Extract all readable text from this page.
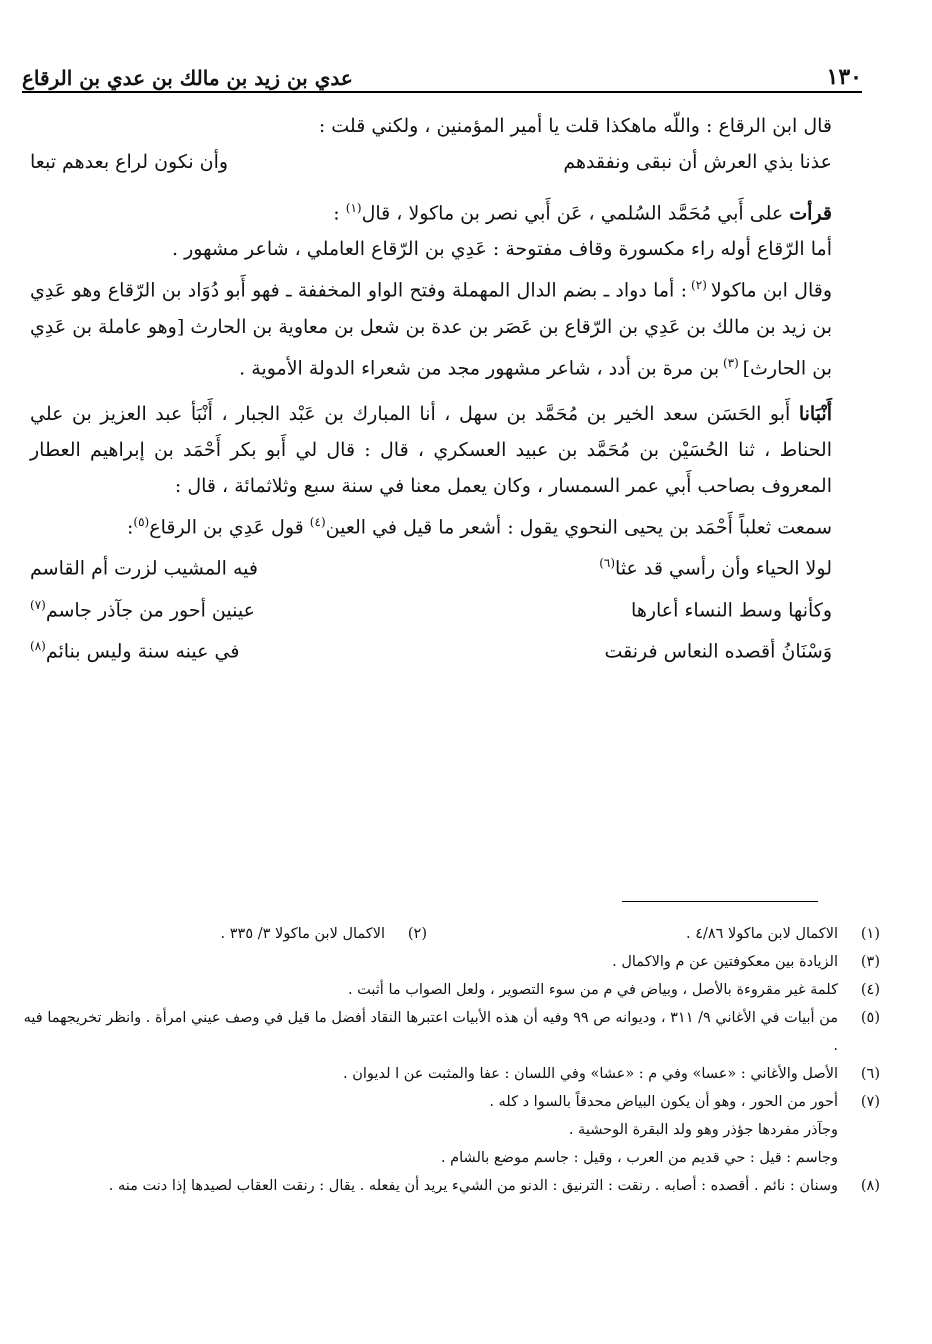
١٣٠
عدي بن زيد بن مالك بن عدي بن الرقاع

قال ابن الرقاع : واللّه ماهكذا قلت يا أمير المؤمنين ، ولكني قلت :

عذنا بذي العرش أن نبقى ونفقدهم
وأن نكون لراع بعدهم تبعا

قرأت على أَبي مُحَمَّد السُلمي ، عَن أَبي نصر بن ماكولا ، قال$^{(١)}$ :

أما الرّقاع أوله راء مكسورة وقاف مفتوحة : عَدِي بن الرّقاع العاملي ، شاعر مشهور .

وقال ابن ماكولا $^{(٢)}$ : أما دواد ـ بضم الدال المهملة وفتح الواو المخففة ـ فهو أَبو دُوَاد بن الرّقاع وهو عَدِي بن زيد بن مالك بن عَدِي بن الرّقاع بن عَصَر بن عدة بن شعل بن معاوية بن الحارث [وهو عاملة بن عَدِي بن الحارث] $^{(٣)}$ بن مرة بن أدد ، شاعر مشهور مجد من شعراء الدولة الأموية .

أَنْبَانا أَبو الحَسَن سعد الخير بن مُحَمَّد بن سهل ، أنا المبارك بن عَبْد الجبار ، أَنْبَأ عبد العزيز بن علي الحناط ، ثنا الحُسَيْن بن مُحَمَّد بن عبيد العسكري ، قال : قال لي أَبو بكر أَحْمَد بن إبراهيم العطار المعروف بصاحب أَبي عمر السمسار ، وكان يعمل معنا في سنة سبع وثلاثمائة ، قال :

سمعت ثعلباً أَحْمَد بن يحيى النحوي يقول : أشعر ما قيل في العين$^{(٤)}$ قول عَدِي بن الرقاع$^{(٥)}$:

لولا الحياء وأن رأسي قد عثا$^{(٦)}$
فيه المشيب لزرت أم القاسم
وكأنها وسط النساء أعارها
عينين أحور من جآذر جاسم$^{(٧)}$
وَسْنَانُ أقصده النعاس فرنقت
في عينه سنة وليس بنائم$^{(٨)}$
(١)
الاكمال لابن ماكولا ٤/٨٦ .
(٢)
الاكمال لابن ماكولا ٣/ ٣٣٥ .
(٣)
الزيادة بين معكوفتين عن م والاكمال .
(٤)
كلمة غير مقروءة بالأصل ، وبياض في م من سوء التصوير ، ولعل الصواب ما أثبت .
(٥)
من أبيات في الأغاني ٩/ ٣١١ ، وديوانه ص ٩٩ وفيه أن هذه الأبيات اعتبرها النقاد أفضل ما قيل في وصف عيني امرأة . وانظر تخريجهما فيه .
(٦)
الأصل والأغاني : «عسا» وفي م : «عشا» وفي اللسان : عفا والمثبت عن ا لديوان .
(٧)
أحور من الحور ، وهو أن يكون البياض محدقاً بالسوا د كله .
وجآذر مفردها جؤذر وهو ولد البقرة الوحشية .
وجاسم : قيل : حي قديم من العرب ، وقيل : جاسم موضع بالشام .
(٨)
وسنان : نائم . أقصده : أصابه . رنقت : الترنيق : الدنو من الشيء يريد أن يفعله . يقال : رنقت العقاب لصيدها إذا دنت منه .
